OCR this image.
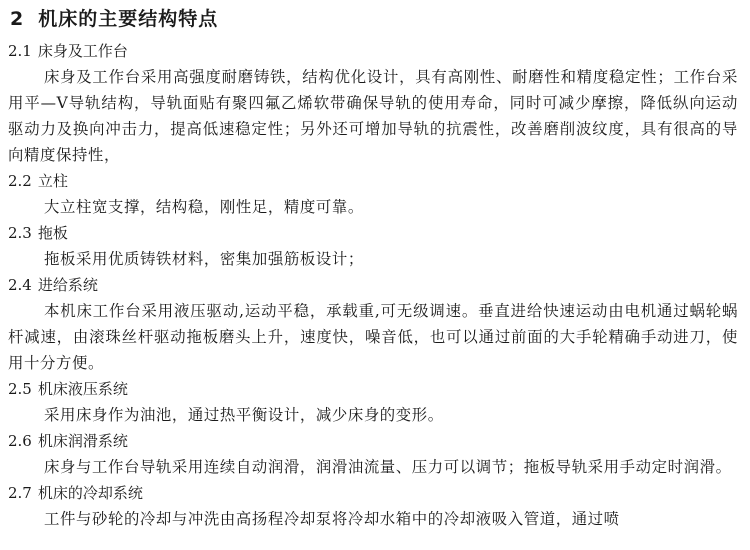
2 机床的主要结构特点
2.1 床身及工作台

床身及工作台采用高强度耐磨铸铁，结构优化设计，具有高刚性、耐磨性和精度稳定性；工作台采用平—V导轨结构，导轨面贴有聚四氟乙烯软带确保导轨的使用寿命，同时可减少摩擦，降低纵向运动驱动力及换向冲击力，提高低速稳定性；另外还可增加导轨的抗震性，改善磨削波纹度，具有很高的导向精度保持性，

2.2 立柱

大立柱宽支撑，结构稳，刚性足，精度可靠。

2.3 拖板

拖板采用优质铸铁材料，密集加强筋板设计；

2.4 进给系统

本机床工作台采用液压驱动,运动平稳，承载重,可无级调速。垂直进给快速运动由电机通过蜗轮蜗杆减速，由滚珠丝杆驱动拖板磨头上升，速度快，噪音低，也可以通过前面的大手轮精确手动进刀，使用十分方便。

2.5 机床液压系统

采用床身作为油池，通过热平衡设计，减少床身的变形。

2.6 机床润滑系统

床身与工作台导轨采用连续自动润滑，润滑油流量、压力可以调节；拖板导轨采用手动定时润滑。

2.7 机床的冷却系统

工件与砂轮的冷却与冲洗由高扬程冷却泵将冷却水箱中的冷却液吸入管道，通过喷
